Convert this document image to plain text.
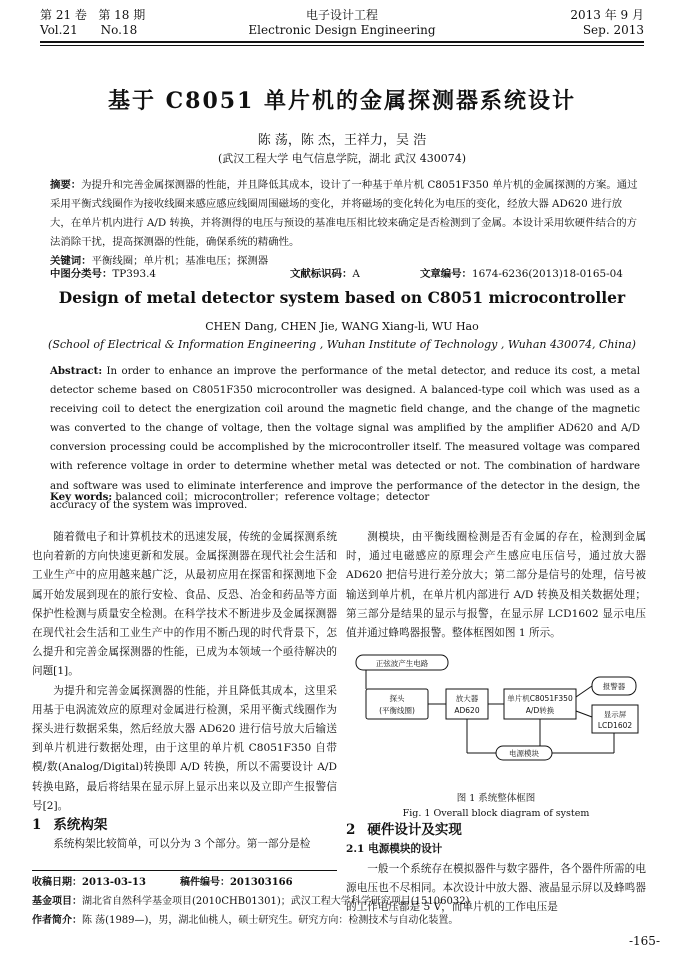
第 21 卷 第 18 期
Vol.21 No.18
电子设计工程
Electronic Design Engineering
2013 年 9 月
Sep. 2013
基于 C8051 单片机的金属探测器系统设计
陈 荡，陈 杰，王祥力，吴 浩
(武汉工程大学 电气信息学院，湖北 武汉 430074)
摘要：为提升和完善金属探测器的性能，并且降低其成本，设计了一种基于单片机 C8051F350 单片机的金属探测的方案。通过采用平衡式线圈作为接收线圈来感应感应线圈周围磁场的变化，并将磁场的变化转化为电压的变化，经放大器 AD620 进行放大，在单片机内进行 A/D 转换，并将测得的电压与预设的基准电压相比较来确定是否检测到了金属。本设计采用软硬件结合的方法消除干扰，提高探测器的性能，确保系统的精确性。
关键词：平衡线圈；单片机；基准电压；探测器
中图分类号：TP393.4	文献标识码：A	文章编号：1674-6236(2013)18-0165-04
Design of metal detector system based on C8051 microcontroller
CHEN Dang, CHEN Jie, WANG Xiang-li, WU Hao
(School of Electrical & Information Engineering , Wuhan Institute of Technology , Wuhan 430074, China)
Abstract: In order to enhance an improve the performance of the metal detector, and reduce its cost, a metal detector scheme based on C8051F350 microcontroller was designed. A balanced-type coil which was used as a receiving coil to detect the energization coil around the magnetic field change, and the change of the magnetic was converted to the change of voltage, then the voltage signal was amplified by the amplifier AD620 and A/D conversion processing could be accomplished by the microcontroller itself. The measured voltage was compared with reference voltage in order to determine whether metal was detected or not. The combination of hardware and software was used to eliminate interference and improve the performance of the detector in the design, the accuracy of the system was improved.
Key words: balanced coil；microcontroller；reference voltage；detector

随着微电子和计算机技术的迅速发展，传统的金属探测系统也向着新的方向快速更新和发展。金属探测器在现代社会生活和工业生产中的应用越来越广泛，从最初应用在探雷和探测地下金属开始发展到现在的旅行安检、食品、反恐、冶金和药品等方面保护性检测与质量安全检测。在科学技术不断进步及金属探测器在现代社会生活和工业生产中的作用不断凸现的时代背景下，怎么提升和完善金属探测器的性能，已成为本领域一个亟待解决的问题[1]。

为提升和完善金属探测器的性能，并且降低其成本，这里采用基于电涡流效应的原理对金属进行检测，采用平衡式线圈作为探头进行数据采集，然后经放大器 AD620 进行信号放大后输送到单片机进行数据处理，由于这里的单片机 C8051F350 自带模/数(Analog/Digital)转换即 A/D 转换，所以不需要设计 A/D 转换电路，最后将结果在显示屏上显示出来以及立即产生报警信号[2]。

1 系统构架

系统构架比较简单，可以分为 3 个部分。第一部分是检

测模块，由平衡线圈检测是否有金属的存在，检测到金属时，通过电磁感应的原理会产生感应电压信号，通过放大器 AD620 把信号进行差分放大；第二部分是信号的处理，信号被输送到单片机，在单片机内部进行 A/D 转换及相关数据处理；第三部分是结果的显示与报警，在显示屏 LCD1602 显示电压值并通过蜂鸣器报警。整体框图如图 1 所示。

正弦波产生电路
探头
(平衡线圈)
放大器
AD620
单片机C8051F350
A/D转换
报警器
显示屏
LCD1602
电源模块

图 1 系统整体框图

Fig. 1 Overall block diagram of system

2 硬件设计及实现

2.1 电源模块的设计

一般一个系统存在模拟器件与数字器件，各个器件所需的电源电压也不尽相同。本次设计中放大器、液晶显示屏以及蜂鸣器的工作电压都是 5 V，而单片机的工作电压是

收稿日期：2013-03-13	稿件编号：201303166
基金项目：湖北省自然科学基金项目(2010CHB01301)；武汉工程大学科学研究项目(15106032)
作者简介：陈 荡(1989—)，男，湖北仙桃人，硕士研究生。研究方向：检测技术与自动化装置。
-165-
